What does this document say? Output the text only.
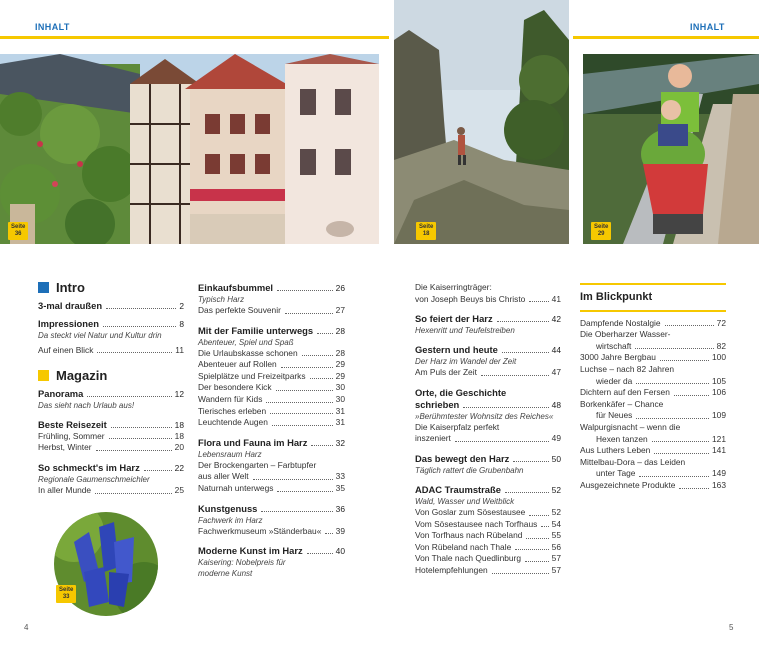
INHALT	INHALT
Seite
36
Seite
18
Seite
29
Seite
33
Intro
3-mal draußen	2
Impressionen	8
Da steckt viel Natur und Kultur drin
Auf einen Blick	11
Magazin
Panorama	12
Das sieht nach Urlaub aus!
Beste Reisezeit	18
Frühling, Sommer	18
Herbst, Winter	20
So schmeckt's im Harz	22
Regionale Gaumenschmeichler
In aller Munde	25
Einkaufsbummel	26
Typisch Harz
Das perfekte Souvenir	27
Mit der Familie unterwegs	28
Abenteuer, Spiel und Spaß
Die Urlaubskasse schonen	28
Abenteuer auf Rollen	29
Spielplätze und Freizeitparks	29
Der besondere Kick	30
Wandern für Kids	30
Tierisches erleben	31
Leuchtende Augen	31
Flora und Fauna im Harz	32
Lebensraum Harz
Der Brockengarten – Farbtupfer
aus aller Welt	33
Naturnah unterwegs	35
Kunstgenuss	36
Fachwerk im Harz
Fachwerkmuseum »Ständerbau« 39
Moderne Kunst im Harz	40
Kaisering: Nobelpreis für
moderne Kunst
Die Kaiserringträger:
von Joseph Beuys bis Christo	41
So feiert der Harz	42
Hexenritt und Teufelstreiben
Gestern und heute	44
Der Harz im Wandel der Zeit
Am Puls der Zeit	47
Orte, die Geschichte
schrieben	48
»Berühmtester Wohnsitz des Reiches«
Die Kaiserpfalz perfekt
inszeniert	49
Das bewegt den Harz	50
Täglich rattert die Grubenbahn
ADAC Traumstraße	52
Wald, Wasser und Weitblick
Von Goslar zum Sösestausee	52
Vom Sösestausee nach Torfhaus 54
Von Torfhaus nach Rübeland	55
Von Rübeland nach Thale	56
Von Thale nach Quedlinburg	57
Hotelempfehlungen	57
Im Blickpunkt
Dampfende Nostalgie	72
Die Oberharzer Wasser-
wirtschaft	82
3000 Jahre Bergbau	100
Luchse – nach 82 Jahren
wieder da	105
Dichtern auf den Fersen	106
Borkenkäfer – Chance
für Neues	109
Walpurgisnacht – wenn die
Hexen tanzen	121
Aus Luthers Leben	141
Mittelbau-Dora – das Leiden
unter Tage	149
Ausgezeichnete Produkte	163
4	5
